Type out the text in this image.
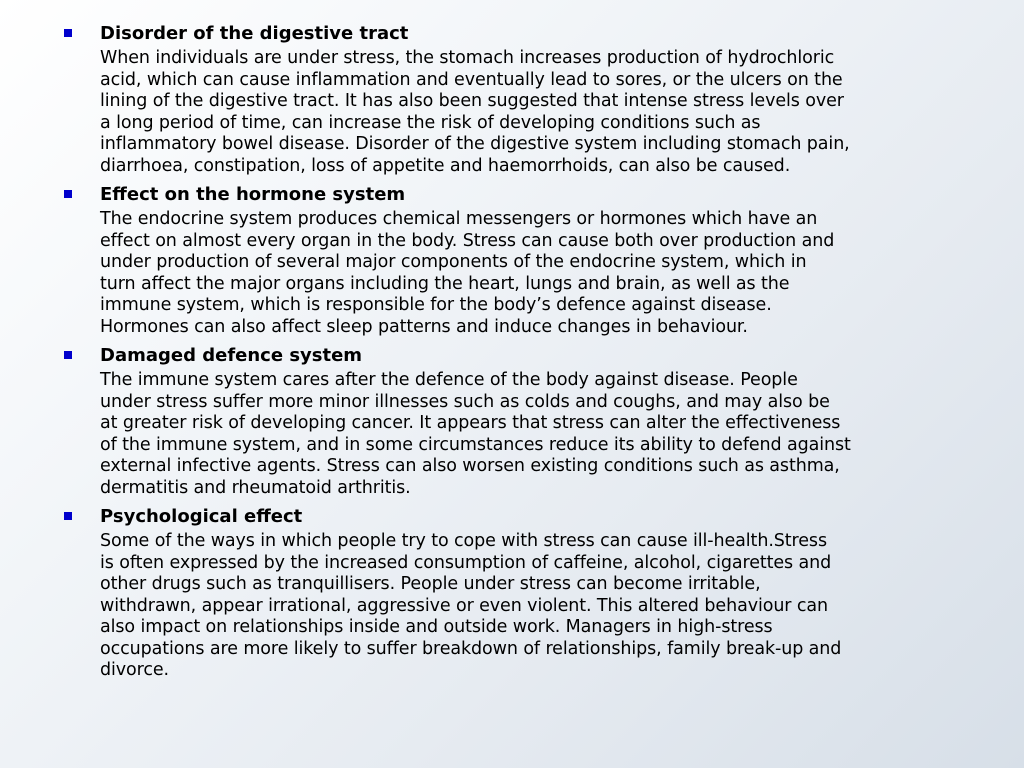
Disorder of the digestive tract

When individuals are under stress, the stomach increases production of hydrochloric
acid, which can cause inflammation and eventually lead to sores, or the ulcers on the
lining of the digestive tract. It has also been suggested that intense stress levels over
a long period of time, can increase the risk of developing conditions such as
inflammatory bowel disease. Disorder of the digestive system including stomach pain,
diarrhoea, constipation, loss of appetite and haemorrhoids, can also be caused.

Effect on the hormone system

The endocrine system produces chemical messengers or hormones which have an
effect on almost every organ in the body. Stress can cause both over production and
under production of several major components of the endocrine system, which in
turn affect the major organs including the heart, lungs and brain, as well as the
immune system, which is responsible for the body’s defence against disease.
Hormones can also affect sleep patterns and induce changes in behaviour.

Damaged defence system

The immune system cares after the defence of the body against disease. People
under stress suffer more minor illnesses such as colds and coughs, and may also be
at greater risk of developing cancer. It appears that stress can alter the effectiveness
of the immune system, and in some circumstances reduce its ability to defend against
external infective agents. Stress can also worsen existing conditions such as asthma,
dermatitis and rheumatoid arthritis.

Psychological effect

Some of the ways in which people try to cope with stress can cause ill-health.Stress
is often expressed by the increased consumption of caffeine, alcohol, cigarettes and
other drugs such as tranquillisers. People under stress can become irritable,
withdrawn, appear irrational, aggressive or even violent. This altered behaviour can
also impact on relationships inside and outside work. Managers in high-stress
occupations are more likely to suffer breakdown of relationships, family break-up and
divorce.
